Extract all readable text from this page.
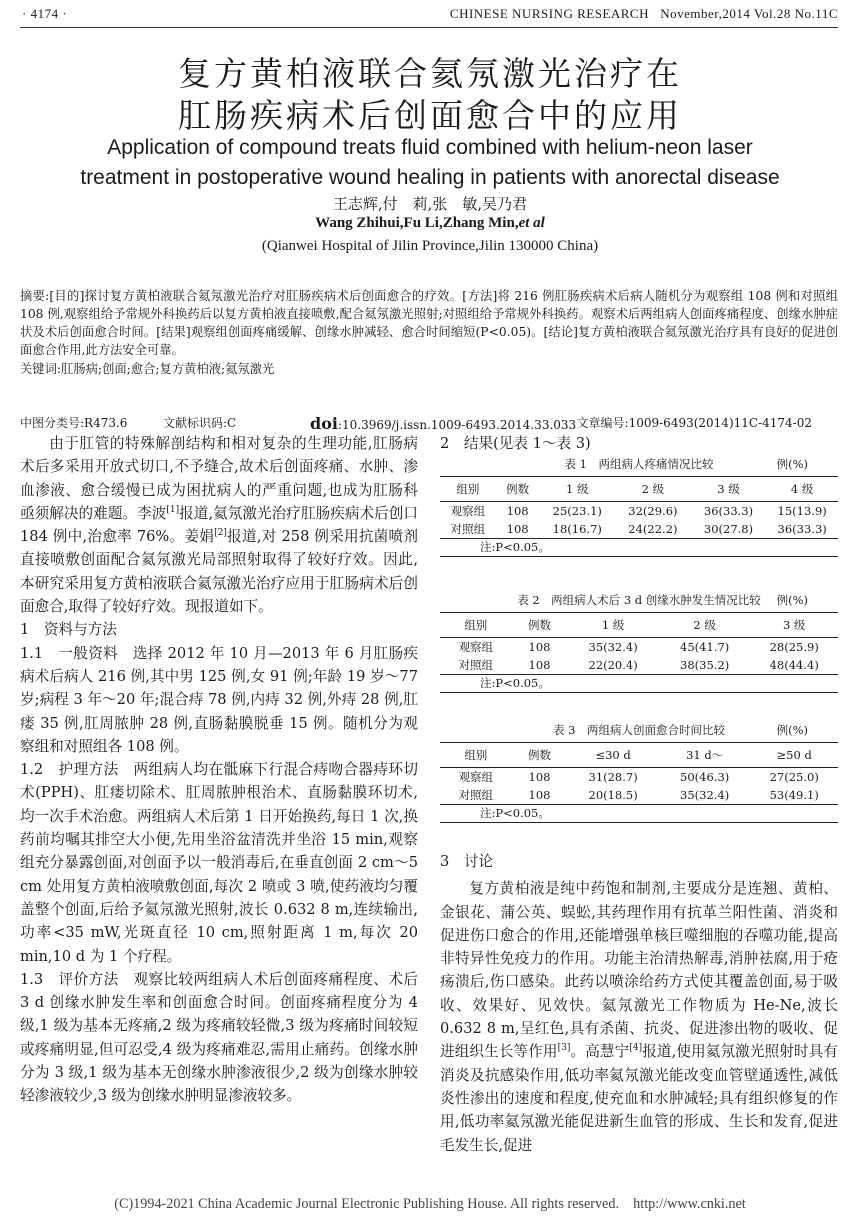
· 4174 ·	CHINESE NURSING RESEARCH   November,2014 Vol.28 No.11C
复方黄柏液联合氦氖激光治疗在
肛肠疾病术后创面愈合中的应用
Application of compound treats fluid combined with helium-neon laser
treatment in postoperative wound healing in patients with anorectal disease
王志辉,付　莉,张　敏,吴乃君
Wang Zhihui,Fu Li,Zhang Min,et al
(Qianwei Hospital of Jilin Province,Jilin 130000 China)
摘要:[目的]探讨复方黄柏液联合氦氖激光治疗对肛肠疾病术后创面愈合的疗效。[方法]将 216 例肛肠疾病术后病人随机分为观察组 108 例和对照组 108 例,观察组给予常规外科换药后以复方黄柏液直接喷敷,配合氦氖激光照射;对照组给予常规外科换药。观察术后两组病人创面疼痛程度、创缘水肿症状及术后创面愈合时间。[结果]观察组创面疼痛缓解、创缘水肿减轻、愈合时间缩短(P<0.05)。[结论]复方黄柏液联合氦氖激光治疗具有良好的促进创面愈合作用,此方法安全可靠。
关键词:肛肠病;创面;愈合;复方黄柏液;氦氖激光
中图分类号:R473.6	文献标识码:C	doi:10.3969/j.issn.1009-6493.2014.33.033 文章编号:1009-6493(2014)11C-4174-02

由于肛管的特殊解剖结构和相对复杂的生理功能,肛肠病术后多采用开放式切口,不予缝合,故术后创面疼痛、水肿、渗血渗液、愈合缓慢已成为困扰病人的严重问题,也成为肛肠科亟须解决的难题。李波[1]报道,氦氖激光治疗肛肠疾病术后创口 184 例中,治愈率 76%。姜娟[2]报道,对 258 例采用抗菌喷剂直接喷敷创面配合氦氖激光局部照射取得了较好疗效。因此,本研究采用复方黄柏液联合氦氖激光治疗应用于肛肠病术后创面愈合,取得了较好疗效。现报道如下。

1　资料与方法

1.1　一般资料　选择 2012 年 10 月—2013 年 6 月肛肠疾病术后病人 216 例,其中男 125 例,女 91 例;年龄 19 岁～77 岁;病程 3 年～20 年;混合痔 78 例,内痔 32 例,外痔 28 例,肛瘘 35 例,肛周脓肿 28 例,直肠黏膜脱垂 15 例。随机分为观察组和对照组各 108 例。

1.2　护理方法　两组病人均在骶麻下行混合痔吻合器痔环切术(PPH)、肛瘘切除术、肛周脓肿根治术、直肠黏膜环切术,均一次手术治愈。两组病人术后第 1 日开始换药,每日 1 次,换药前均嘱其排空大小便,先用坐浴盆清洗并坐浴 15 min,观察组充分暴露创面,对创面予以一般消毒后,在垂直创面 2 cm～5 cm 处用复方黄柏液喷敷创面,每次 2 喷或 3 喷,使药液均匀覆盖整个创面,后给予氦氖激光照射,波长 0.632 8 m,连续输出,功率<35 mW,光斑直径 10 cm,照射距离 1 m,每次 20 min,10 d 为 1 个疗程。

1.3　评价方法　观察比较两组病人术后创面疼痛程度、术后 3 d 创缘水肿发生率和创面愈合时间。创面疼痛程度分为 4 级,1 级为基本无疼痛,2 级为疼痛较轻微,3 级为疼痛时间较短或疼痛明显,但可忍受,4 级为疼痛难忍,需用止痛药。创缘水肿分为 3 级,1 级为基本无创缘水肿渗液很少,2 级为创缘水肿较轻渗液较少,3 级为创缘水肿明显渗液较多。

2　结果(见表 1～表 3)
表 1　两组病人疼痛情况比较	例(%)
组别	例数	1 级	2 级	3 级	4 级
观察组	108	25(23.1)	32(29.6)	36(33.3)	15(13.9)
对照组	108	18(16.7)	24(22.2)	30(27.8)	36(33.3)
注:P<0.05。
表 2　两组病人术后 3 d 创缘水肿发生情况比较 例(%)
组别	例数	1 级	2 级	3 级
观察组	108	35(32.4)	45(41.7)	28(25.9)
对照组	108	22(20.4)	38(35.2)	48(44.4)
注:P<0.05。
表 3　两组病人创面愈合时间比较	例(%)
组别	例数	≤30 d	31 d～	≥50 d
观察组	108	31(28.7)	50(46.3)	27(25.0)
对照组	108	20(18.5)	35(32.4)	53(49.1)
注:P<0.05。

3　讨论

复方黄柏液是纯中药饱和制剂,主要成分是连翘、黄柏、金银花、蒲公英、蜈蚣,其药理作用有抗革兰阳性菌、消炎和促进伤口愈合的作用,还能增强单核巨噬细胞的吞噬功能,提高非特异性免疫力的作用。功能主治清热解毒,消肿祛腐,用于疮疡溃后,伤口感染。此药以喷涂给药方式使其覆盖创面,易于吸收、效果好、见效快。氦氖激光工作物质为 He-Ne,波长 0.632 8 m,呈红色,具有杀菌、抗炎、促进渗出物的吸收、促进组织生长等作用[3]。高慧宁[4]报道,使用氦氖激光照射时具有消炎及抗感染作用,低功率氦氖激光能改变血管壁通透性,减低炎性渗出的速度和程度,使充血和水肿减轻;具有组织修复的作用,低功率氦氖激光能促进新生血管的形成、生长和发育,促进毛发生长,促进

(C)1994-2021 China Academic Journal Electronic Publishing House. All rights reserved.    http://www.cnki.net
